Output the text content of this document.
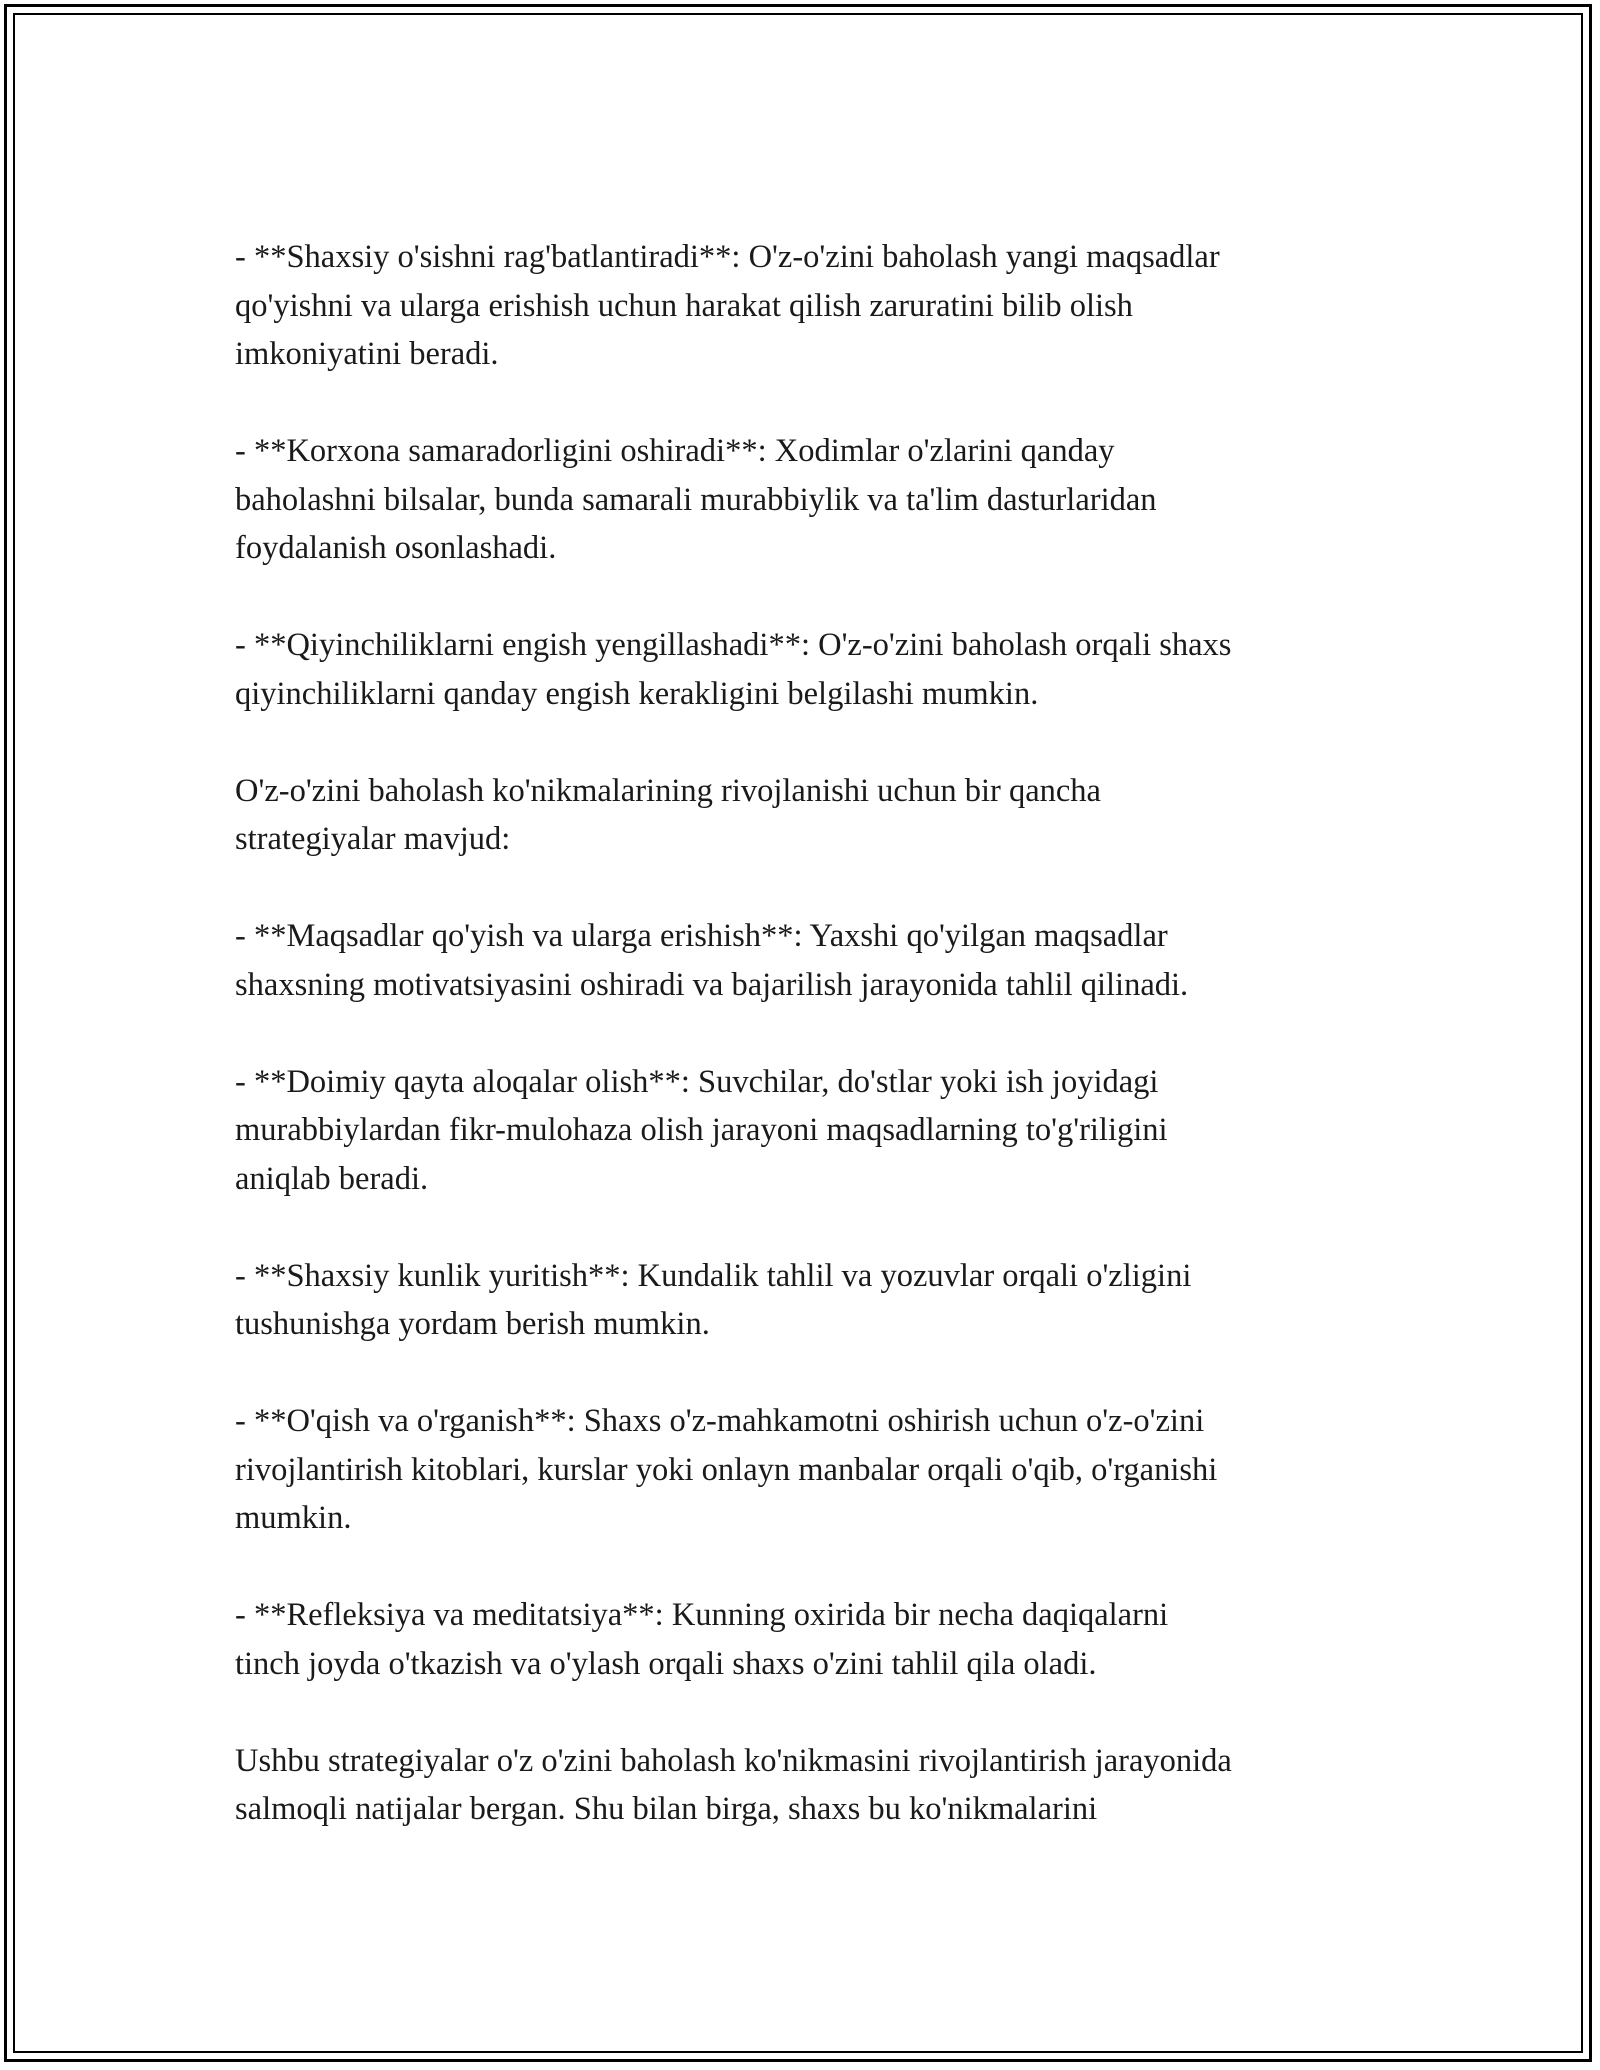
- **Shaxsiy o'sishni rag'batlantiradi**: O'z-o'zini baholash yangi maqsadlar
qo'yishni va ularga erishish uchun harakat qilish zaruratini bilib olish
imkoniyatini beradi.

- **Korxona samaradorligini oshiradi**: Xodimlar o'zlarini qanday
baholashni bilsalar, bunda samarali murabbiylik va ta'lim dasturlaridan
foydalanish osonlashadi.

- **Qiyinchiliklarni engish yengillashadi**: O'z-o'zini baholash orqali shaxs
qiyinchiliklarni qanday engish kerakligini belgilashi mumkin.

O'z-o'zini baholash ko'nikmalarining rivojlanishi uchun bir qancha
strategiyalar mavjud:

- **Maqsadlar qo'yish va ularga erishish**: Yaxshi qo'yilgan maqsadlar
shaxsning motivatsiyasini oshiradi va bajarilish jarayonida tahlil qilinadi.

- **Doimiy qayta aloqalar olish**: Suvchilar, do'stlar yoki ish joyidagi
murabbiylardan fikr-mulohaza olish jarayoni maqsadlarning to'g'riligini
aniqlab beradi.

- **Shaxsiy kunlik yuritish**: Kundalik tahlil va yozuvlar orqali o'zligini
tushunishga yordam berish mumkin.

- **O'qish va o'rganish**: Shaxs o'z-mahkamotni oshirish uchun o'z-o'zini
rivojlantirish kitoblari, kurslar yoki onlayn manbalar orqali o'qib, o'rganishi
mumkin.

- **Refleksiya va meditatsiya**: Kunning oxirida bir necha daqiqalarni
tinch joyda o'tkazish va o'ylash orqali shaxs o'zini tahlil qila oladi.

Ushbu strategiyalar o'z o'zini baholash ko'nikmasini rivojlantirish jarayonida
salmoqli natijalar bergan. Shu bilan birga, shaxs bu ko'nikmalarini
